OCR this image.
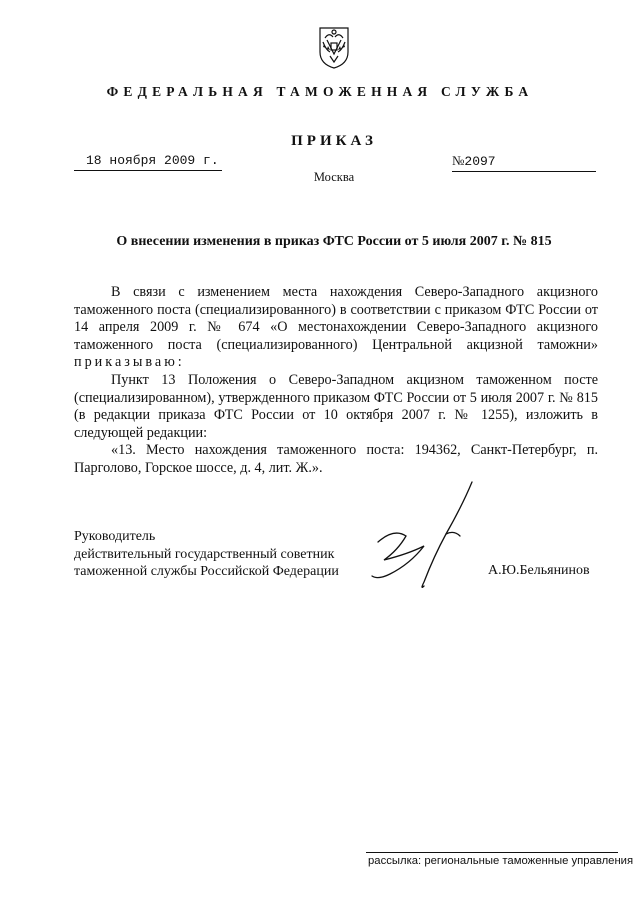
ФЕДЕРАЛЬНАЯ ТАМОЖЕННАЯ СЛУЖБА
ПРИКАЗ
18 ноября 2009 г.	№2097
Москва
О внесении изменения в приказ ФТС России от 5 июля 2007 г. № 815

В связи с изменением места нахождения Северо-Западного акцизного таможенного поста (специализированного) в соответствии с приказом ФТС России от 14 апреля 2009 г. № 674 «О местонахождении Северо-Западного акцизного таможенного поста (специализированного) Центральной акцизной таможни» приказываю:

Пункт 13 Положения о Северо-Западном акцизном таможенном посте (специализированном), утвержденного приказом ФТС России от 5 июля 2007 г. № 815 (в редакции приказа ФТС России от 10 октября 2007 г. № 1255), изложить в следующей редакции:

«13. Место нахождения таможенного поста: 194362, Санкт-Петербург, п. Парголово, Горское шоссе, д. 4, лит. Ж.».

Руководитель
действительный государственный советник
таможенной службы Российской Федерации	А.Ю.Бельянинов
рассылка: региональные таможенные управления
